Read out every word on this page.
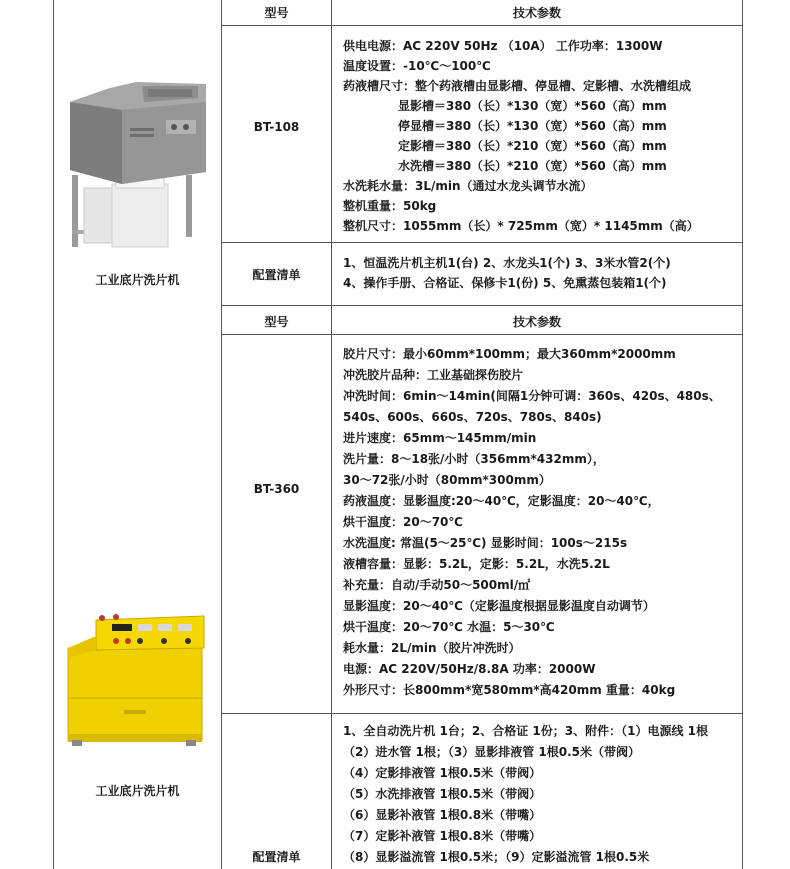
型号	技术参数
BT-108
供电电源：AC 220V 50Hz （10A） 工作功率：1300W
温度设置：-10℃～100℃
药液槽尺寸：整个药液槽由显影槽、停显槽、定影槽、水洗槽组成
显影槽＝380（长）*130（宽）*560（高）mm
停显槽＝380（长）*130（宽）*560（高）mm
定影槽＝380（长）*210（宽）*560（高）mm
水洗槽＝380（长）*210（宽）*560（高）mm
水洗耗水量：3L/min（通过水龙头调节水流）
整机重量：50kg
整机尺寸：1055mm（长）* 725mm（宽）* 1145mm（高）
配置清单
1、恒温洗片机主机1(台) 2、水龙头1(个) 3、3米水管2(个)
4、操作手册、合格证、保修卡1(份) 5、免熏蒸包装箱1(个)
工业底片洗片机
型号	技术参数
BT-360
胶片尺寸：最小60mm*100mm；最大360mm*2000mm
冲洗胶片品种：工业基础探伤胶片
冲洗时间：6min～14min(间隔1分钟可调：360s、420s、480s、
540s、600s、660s、720s、780s、840s)
进片速度：65mm～145mm/min
洗片量：8～18张/小时（356mm*432mm），
30～72张/小时（80mm*300mm）
药液温度：显影温度:20～40℃，定影温度：20～40℃，
烘干温度：20～70℃
水洗温度: 常温(5～25℃) 显影时间：100s～215s
液槽容量：显影：5.2L，定影：5.2L，水洗5.2L
补充量：自动/手动50～500ml/㎡
显影温度：20～40℃（定影温度根据显影温度自动调节）
烘干温度：20～70℃ 水温：5～30℃
耗水量：2L/min（胶片冲洗时）
电源：AC 220V/50Hz/8.8A 功率：2000W
外形尺寸：长800mm*宽580mm*高420mm 重量：40kg
1、全自动洗片机 1台；2、合格证 1份；3、附件：（1）电源线 1根
（2）进水管 1根；（3）显影排液管 1根0.5米（带阀）
（4）定影排液管 1根0.5米（带阀）
（5）水洗排液管 1根0.5米（带阀）
（6）显影补液管 1根0.8米（带嘴）
（7）定影补液管 1根0.8米（带嘴）
（8）显影溢流管 1根0.5米；（9）定影溢流管 1根0.5米
配置清单
工业底片洗片机
